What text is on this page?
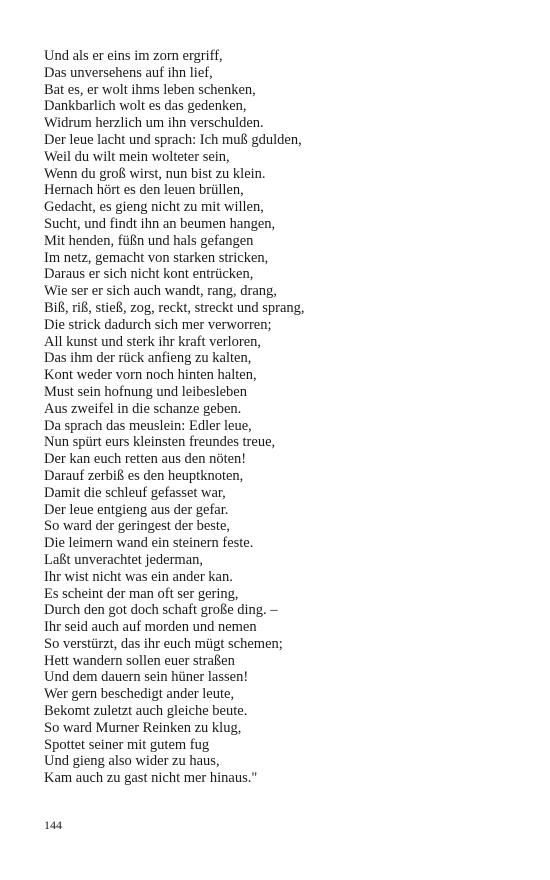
Und als er eins im zorn ergriff,
Das unversehens auf ihn lief,
Bat es, er wolt ihms leben schenken,
Dankbarlich wolt es das gedenken,
Widrum herzlich um ihn verschulden.
Der leue lacht und sprach: Ich muß gdulden,
Weil du wilt mein wolteter sein,
Wenn du groß wirst, nun bist zu klein.
Hernach hört es den leuen brüllen,
Gedacht, es gieng nicht zu mit willen,
Sucht, und findt ihn an beumen hangen,
Mit henden, füßn und hals gefangen
Im netz, gemacht von starken stricken,
Daraus er sich nicht kont entrücken,
Wie ser er sich auch wandt, rang, drang,
Biß, riß, stieß, zog, reckt, streckt und sprang,
Die strick dadurch sich mer verworren;
All kunst und sterk ihr kraft verloren,
Das ihm der rück anfieng zu kalten,
Kont weder vorn noch hinten halten,
Must sein hofnung und leibesleben
Aus zweifel in die schanze geben.
Da sprach das meuslein: Edler leue,
Nun spürt eurs kleinsten freundes treue,
Der kan euch retten aus den nöten!
Darauf zerbiß es den heuptknoten,
Damit die schleuf gefasset war,
Der leue entgieng aus der gefar.
So ward der geringest der beste,
Die leimern wand ein steinern feste.
Laßt unverachtet jederman,
Ihr wist nicht was ein ander kan.
Es scheint der man oft ser gering,
Durch den got doch schaft große ding. –
Ihr seid auch auf morden und nemen
So verstürzt, das ihr euch mügt schemen;
Hett wandern sollen euer straßen
Und dem dauern sein hüner lassen!
Wer gern beschedigt ander leute,
Bekomt zuletzt auch gleiche beute.
So ward Murner Reinken zu klug,
Spottet seiner mit gutem fug
Und gieng also wider zu haus,
Kam auch zu gast nicht mer hinaus."
144
